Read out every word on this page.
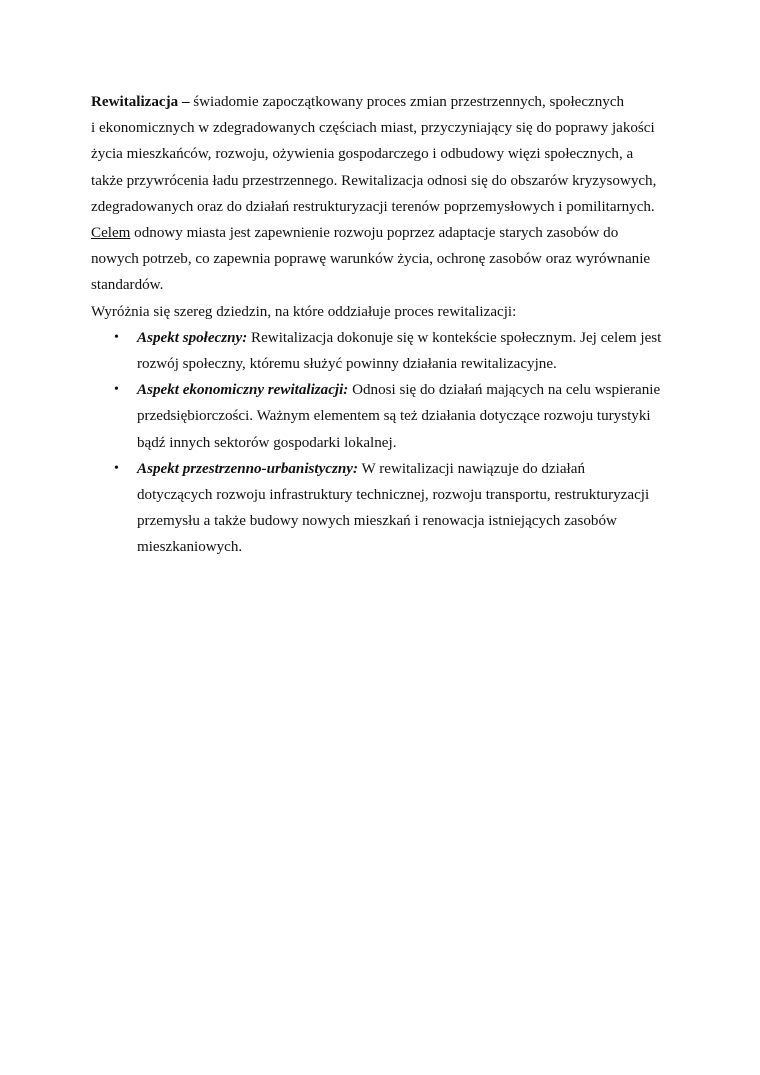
Rewitalizacja – świadomie zapoczątkowany proces zmian przestrzennych, społecznych
i ekonomicznych w zdegradowanych częściach miast, przyczyniający się do poprawy jakości
życia mieszkańców, rozwoju, ożywienia gospodarczego i odbudowy więzi społecznych, a
także przywrócenia ładu przestrzennego. Rewitalizacja odnosi się do obszarów kryzysowych,
zdegradowanych oraz do działań restrukturyzacji terenów poprzemysłowych i pomilitarnych.
Celem odnowy miasta jest zapewnienie rozwoju poprzez adaptacje starych zasobów do
nowych potrzeb, co zapewnia poprawę warunków życia, ochronę zasobów oraz wyrównanie
standardów.

Wyróżnia się szereg dziedzin, na które oddziałuje proces rewitalizacji:

• Aspekt społeczny: Rewitalizacja dokonuje się w kontekście społecznym. Jej celem jest
rozwój społeczny, któremu służyć powinny działania rewitalizacyjne.
• Aspekt ekonomiczny rewitalizacji: Odnosi się do działań mających na celu wspieranie
przedsiębiorczości. Ważnym elementem są też działania dotyczące rozwoju turystyki
bądź innych sektorów gospodarki lokalnej.
• Aspekt przestrzenno-urbanistyczny: W rewitalizacji nawiązuje do działań
dotyczących rozwoju infrastruktury technicznej, rozwoju transportu, restrukturyzacji
przemysłu a także budowy nowych mieszkań i renowacja istniejących zasobów
mieszkaniowych.
